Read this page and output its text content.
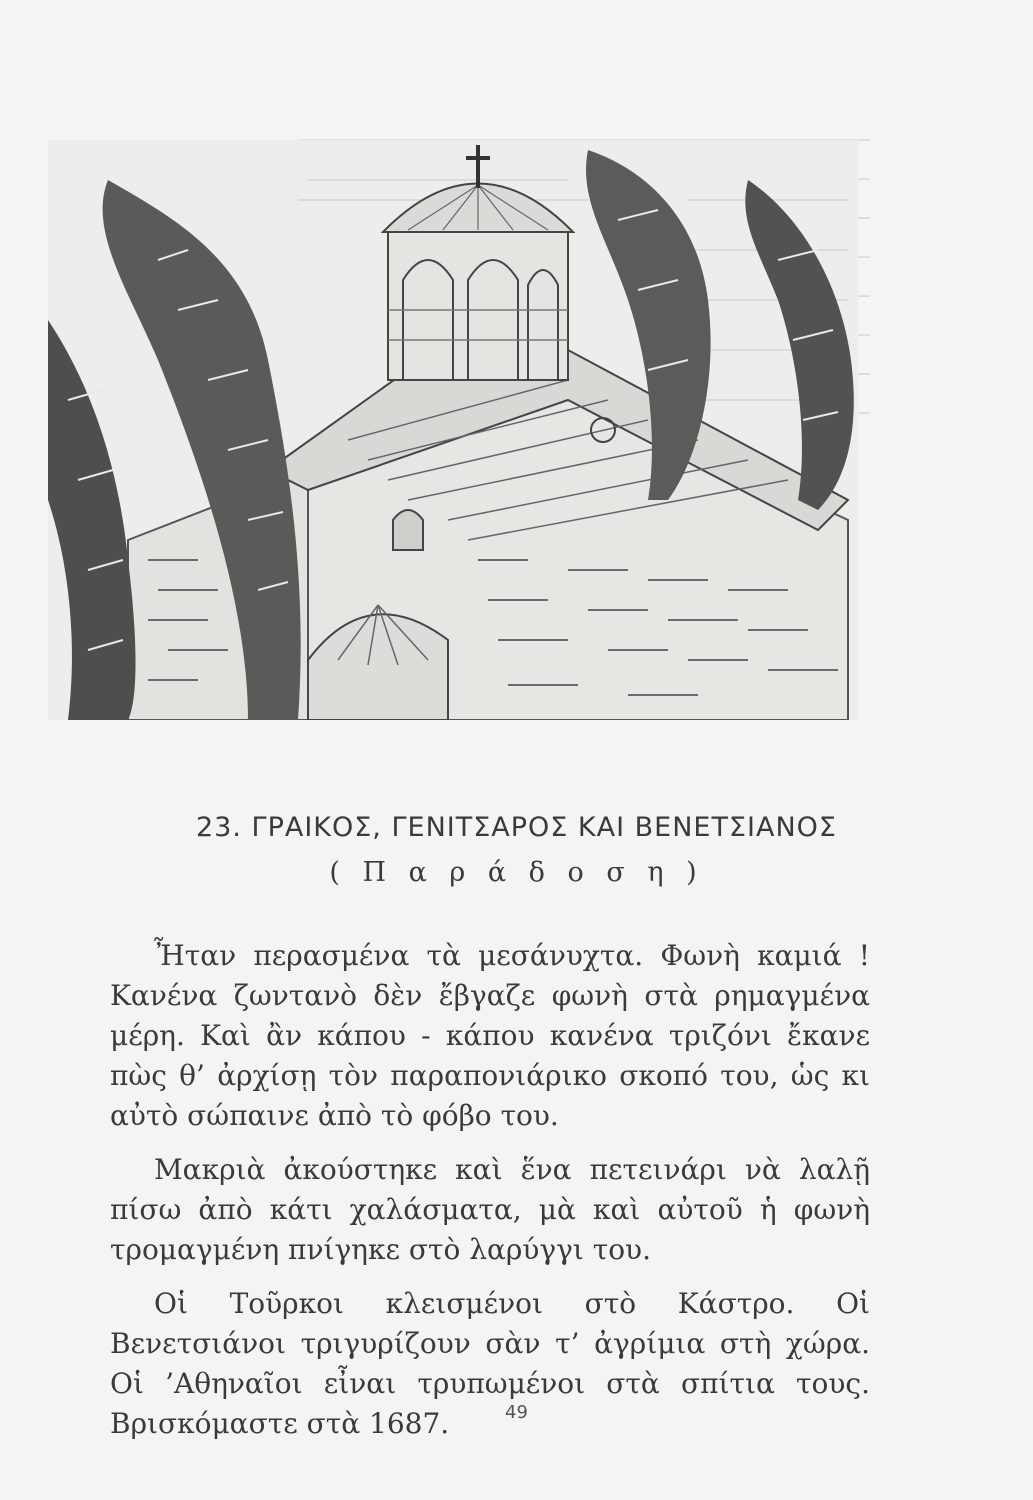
――――――――――――――――――――――

23. ΓΡΑΙΚΟΣ, ΓΕΝΙΤΣΑΡΟΣ ΚΑΙ ΒΕΝΕΤΣΙΑΝΟΣ
( Π α ρ ά δ ο σ η )

Ἦταν περασμένα τὰ μεσάνυχτα. Φωνὴ καμιά ! Κανένα ζωντανὸ δὲν ἔβγαζε φωνὴ στὰ ρημαγμένα μέρη. Καὶ ἂν κάπου - κάπου κανένα τριζόνι ἔκανε πὼς θ’ ἀρχίσῃ τὸν παραπονιάρικο σκοπό του, ὡς κι αὐτὸ σώπαινε ἀπὸ τὸ φόβο του.

Μακριὰ ἀκούστηκε καὶ ἕνα πετεινάρι νὰ λαλῇ πίσω ἀπὸ κάτι χαλάσματα, μὰ καὶ αὐτοῦ ἡ φωνὴ τρομαγμένη πνίγηκε στὸ λαρύγγι του.

Οἱ Τοῦρκοι κλεισμένοι στὸ Κάστρο. Οἱ Βενετσιάνοι τριγυρίζουν σὰν τ’ ἀγρίμια στὴ χώρα. Οἱ ’Αθηναῖοι εἶναι τρυπωμένοι στὰ σπίτια τους. Βρισκόμαστε στὰ 1687.	49
